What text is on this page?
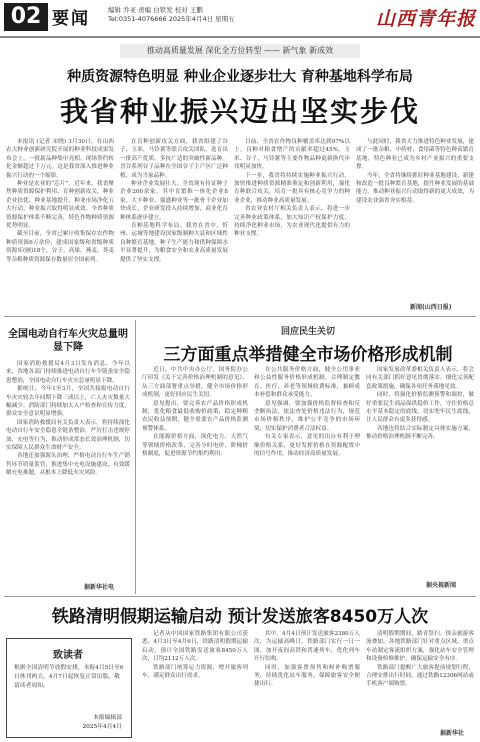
02 要闻	编辑 乔亚 责编 白铁发 校对 王鹏
Tel:0351-4076666 2025年4月4日 星期五	山西青年报
推动高质量发展 深化全方位转型 —— 新气象 新成效
种质资源特色明显 种业企业逐步壮大 育种基地科学布局
我省种业振兴迈出坚实步伐

本报讯 (记者 宋晓) 3月30日，在山西农大种业创新研究院开展的种业科技成果发布会上，一批新品种集中亮相，现场签约转化金额超过千万元。这是我省深入推进种业振兴行动的一个缩影。

种业是农业的“芯片”。近年来，我省聚焦种质资源保护利用、育种创新攻关、种业企业扶优、种业基地提升、种业市场净化五大行动，种业振兴取得明显成效。全省种质资源保护体系不断完善，特色作物种质资源优势明显。

截至目前，全省已累计收集保存农作物种质资源6万余份，建成国家级和省级种质资源库(圃)18个，谷子、高粱、燕麦、荞麦等杂粮种质资源保存数量居全国前列。

在育种创新攻关方面，我省组建了谷子、玉米、马铃薯等联合攻关团队，选育出一批高产优质、多抗广适的突破性新品种。晋谷系列谷子品种在全国谷子主产区广泛种植，成为当家品种。

种业企业发展壮大。全省现有持证种子企业200余家，其中育繁推一体化企业8家。大丰种业、强盛种业等一批骨干企业加快成长，企业研发投入持续增加，商业化育种体系逐步建立。

育种基地科学布局。我省在晋中、忻州、运城等地建设国家级制种大县和区域性良种繁育基地，种子生产能力和供种保障水平显著提升，为粮食安全和农业高质量发展提供了坚实支撑。

目前，全省农作物良种覆盖率达到97%以上，良种对粮食增产的贡献率超过45%。玉米、谷子、马铃薯等主要作物品种更新换代步伐明显加快。

下一步，我省将持续实施种业振兴行动，加快推进种质资源精准鉴定和创新利用，强化育种联合攻关，培育一批具有核心竞争力的种业企业，推动种业高质量发展。

省农业农村厅相关负责人表示，将进一步完善种业政策体系，加大知识产权保护力度，持续净化种业市场，为农业现代化提供有力的种业支撑。

与此同时，我省大力推进特色种业发展，建成了一批杂粮、中药材、食用菌等特色种苗繁育基地，特色种业已成为乡村产业振兴的重要支撑。

今年，全省将继续抓好种业基地建设，新建和改造一批良种繁育基地，提升种业发展的基础能力，推动种业振兴行动取得新的更大成效，为建设农业强省夯实根基。

新闻(山西日报)
全国电动自行车火灾总量明显下降

国家消防救援局4月3日发布消息，今年以来，各地各部门持续推进电动自行车全链条安全隐患整治，全国电动自行车火灾总量明显下降。

据统计，今年1至3月，全国共接报电动自行车火灾较去年同期下降三成以上，亡人火灾数量大幅减少。消防部门持续加大入户检查和宣传力度，群众安全意识明显增强。

国家消防救援局有关负责人表示，将持续深化电动自行车安全隐患全链条整治，严厉打击违规停放、充电等行为，推动形成常态长效治理机制，切实保障人民群众生命财产安全。

各地还加强源头治理，严格电动自行车生产销售环节质量监管，推进集中充电设施建设，有效缓解充电难题，从根本上降低火灾风险。

据新华社电
回应民生关切
三方面重点举措健全市场价格形成机制

近日，中共中央办公厅、国务院办公厅印发《关于完善价格治理机制的意见》，从三方面部署重点举措，健全市场价格形成机制，更好回应民生关切。

意见提出，要完善农产品价格形成机制，优化粮食最低收购价政策，稳定种粮农民收益预期，健全重要农产品价格监测预警体系。

在能源价格方面，深化电力、天然气等领域价格改革，完善分时电价、阶梯价格制度，促进资源节约集约利用。

在公共服务价格方面，健全公用事业和公益性服务价格形成机制，合理制定教育、医疗、养老等领域收费标准，兼顾成本补偿和群众承受能力。

意见强调，要加强价格监督检查和反垄断执法，依法查处价格违法行为，规范市场价格秩序，维护公平竞争的市场环境，切实保护消费者合法权益。

有关专家表示，意见的出台有利于理顺价格关系，更好发挥价格在资源配置中的信号作用，推动经济高质量发展。

国家发展改革委相关负责人表示，将会同有关部门抓好意见贯彻落实，细化完善配套政策措施，确保各项任务落地见效。

同时，将强化价格监测预警和调控，做好重要民生商品保供稳价工作，守住价格总水平基本稳定的底线，切实兜牢民生底线，让人民群众有更多获得感。

各地也将结合实际制定具体实施方案，推动价格治理机制不断完善。

据央视新闻
铁路清明假期运输启动 预计发送旅客8450万人次
致读者
根据全国清明节放假安排，本报4月5日至6日休刊两天，4月7日起恢复正常出版。敬请读者周知。
本报编辑部
2025年4月4日

记者从中国国家铁路集团有限公司获悉，4月3日至4月6日，铁路清明假期运输启动，预计全国铁路发送旅客8450万人次，日均2112万人次。

铁路部门统筹运力资源，增开旅客列车，满足群众出行需求。

其中，4月4日预计发送旅客2380万人次，为运输高峰日。铁路部门实行一日一图，加开夜间高铁和普速列车，优化列车开行结构。

同时，加强客票预售和候补购票服务，持续优化站车服务，保障旅客安全便捷出行。

清明假期期间，踏青祭扫、探亲旅游客流叠加，各地铁路部门针对重点区域、重点车站制定客流组织方案，强化站车安全管理和设备检修维护，确保运输安全有序。

铁路部门提醒广大旅客提前规划行程，合理安排出行时间，通过铁路12306网站或手机客户端购票。

据新华社
